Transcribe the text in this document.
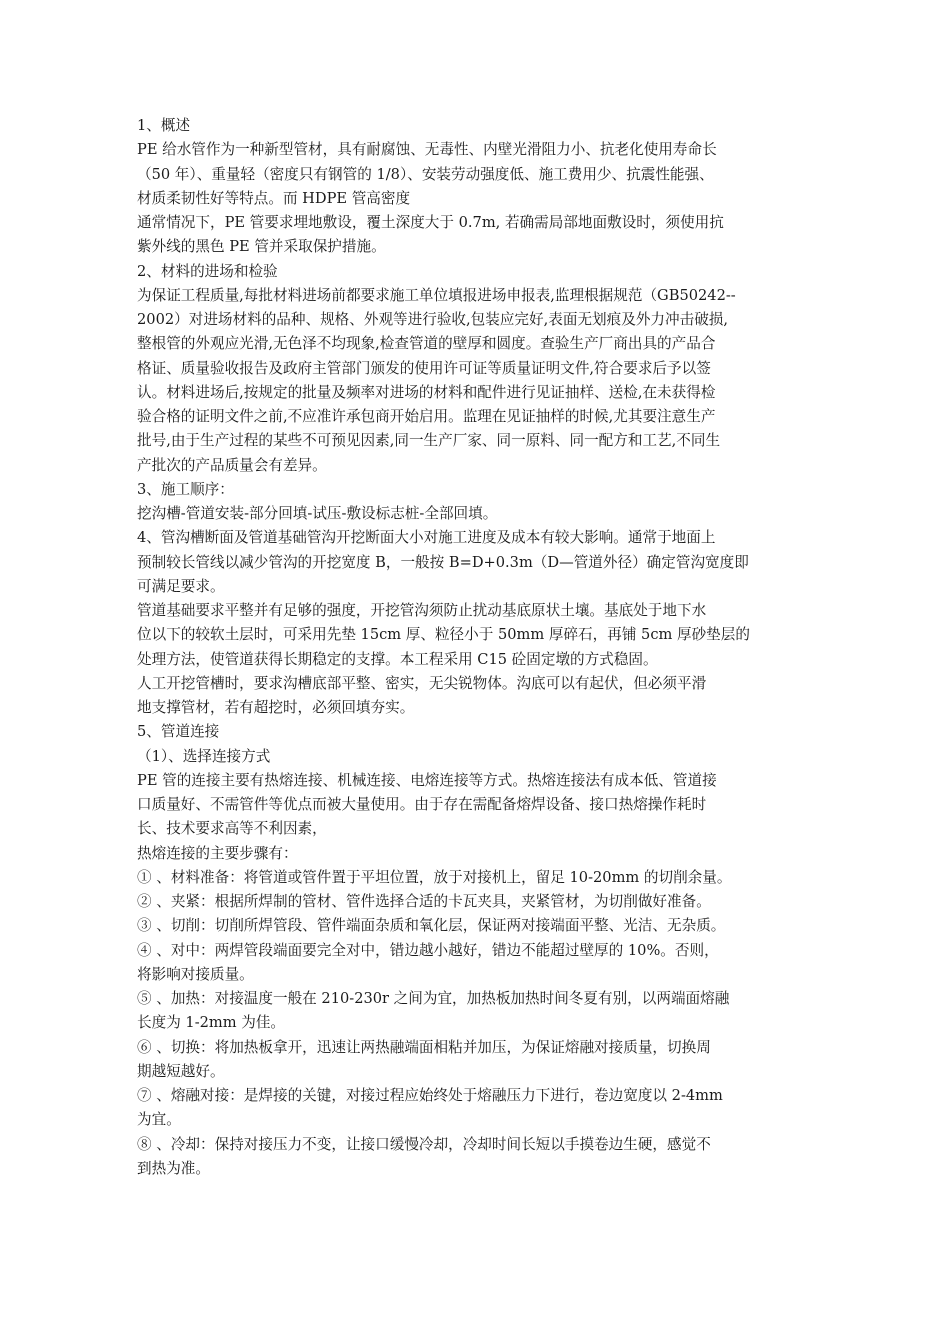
1、概述
PE 给水管作为一种新型管材，具有耐腐蚀、无毒性、内壁光滑阻力小、抗老化使用寿命长
（50 年）、重量轻（密度只有钢管的 1/8）、安装劳动强度低、施工费用少、抗震性能强、
材质柔韧性好等特点。而 HDPE 管高密度
通常情况下，PE 管要求埋地敷设，覆土深度大于 0.7m, 若确需局部地面敷设时，须使用抗
紫外线的黑色 PE 管并采取保护措施。
2、材料的进场和检验
为保证工程质量,每批材料进场前都要求施工单位填报进场申报表,监理根据规范（GB50242--
2002）对进场材料的品种、规格、外观等进行验收,包装应完好,表面无划痕及外力冲击破损,
整根管的外观应光滑,无色泽不均现象,检查管道的壁厚和圆度。查验生产厂商出具的产品合
格证、质量验收报告及政府主管部门颁发的使用许可证等质量证明文件,符合要求后予以签
认。材料进场后,按规定的批量及频率对进场的材料和配件进行见证抽样、送检,在未获得检
验合格的证明文件之前,不应准许承包商开始启用。监理在见证抽样的时候,尤其要注意生产
批号,由于生产过程的某些不可预见因素,同一生产厂家、同一原料、同一配方和工艺,不同生
产批次的产品质量会有差异。
3、施工顺序：
挖沟槽-管道安装-部分回填-试压-敷设标志桩-全部回填。
4、管沟槽断面及管道基础管沟开挖断面大小对施工进度及成本有较大影响。通常于地面上
预制较长管线以减少管沟的开挖宽度 B，一般按 B=D+0.3m（D—管道外径）确定管沟宽度即
可满足要求。
管道基础要求平整并有足够的强度，开挖管沟须防止扰动基底原状土壤。基底处于地下水
位以下的较软土层时，可采用先垫 15cm 厚、粒径小于 50mm 厚碎石，再铺 5cm 厚砂垫层的
处理方法，使管道获得长期稳定的支撑。本工程采用 C15 砼固定墩的方式稳固。
人工开挖管槽时，要求沟槽底部平整、密实，无尖锐物体。沟底可以有起伏，但必须平滑
地支撑管材，若有超挖时，必须回填夯实。
5、管道连接
（1）、选择连接方式
PE 管的连接主要有热熔连接、机械连接、电熔连接等方式。热熔连接法有成本低、管道接
口质量好、不需管件等优点而被大量使用。由于存在需配备熔焊设备、接口热熔操作耗时
长、技术要求高等不利因素，
热熔连接的主要步骤有：
① 、材料准备：将管道或管件置于平坦位置，放于对接机上，留足 10-20mm 的切削余量。
② 、夹紧：根据所焊制的管材、管件选择合适的卡瓦夹具，夹紧管材，为切削做好准备。
③ 、切削：切削所焊管段、管件端面杂质和氧化层，保证两对接端面平整、光洁、无杂质。
④ 、对中：两焊管段端面要完全对中，错边越小越好，错边不能超过壁厚的 10%。否则，
将影响对接质量。
⑤ 、加热：对接温度一般在 210-230r 之间为宜，加热板加热时间冬夏有别，以两端面熔融
长度为 1-2mm 为佳。
⑥ 、切换：将加热板拿开，迅速让两热融端面相粘并加压，为保证熔融对接质量，切换周
期越短越好。
⑦ 、熔融对接：是焊接的关键，对接过程应始终处于熔融压力下进行，卷边宽度以 2-4mm
为宜。
⑧ 、冷却：保持对接压力不变，让接口缓慢冷却，冷却时间长短以手摸卷边生硬，感觉不
到热为准。
